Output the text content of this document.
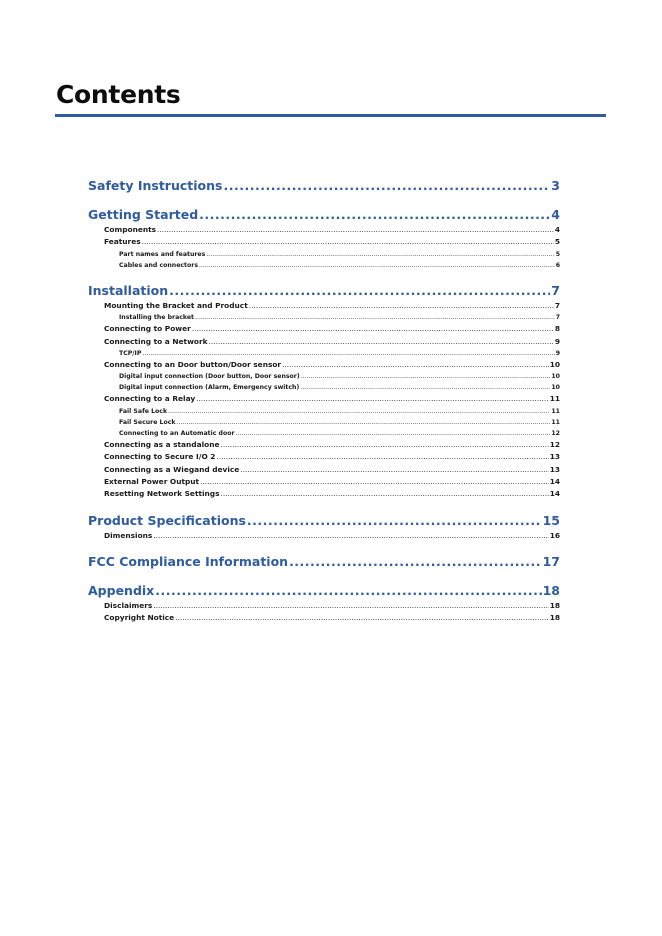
Contents
Safety Instructions .....	3
Getting Started .....	4
Components .....	4
Features .....	5
Part names and features .....	5
Cables and connectors .....	6
Installation .....	7
Mounting the Bracket and Product .....	7
Installing the bracket .....	7
Connecting to Power .....	8
Connecting to a Network .....	9
TCP/IP .....	9
Connecting to an Door button/Door sensor .....	10
Digital input connection (Door button, Door sensor) .....	10
Digital input connection (Alarm, Emergency switch) .....	10
Connecting to a Relay .....	11
Fail Safe Lock .....	11
Fail Secure Lock .....	11
Connecting to an Automatic door .....	12
Connecting as a standalone .....	12
Connecting to Secure I/O 2 .....	13
Connecting as a Wiegand device .....	13
External Power Output .....	14
Resetting Network Settings .....	14
Product Specifications .....	15
Dimensions .....	16
FCC Compliance Information .....	17
Appendix .....	18
Disclaimers .....	18
Copyright Notice .....	18
